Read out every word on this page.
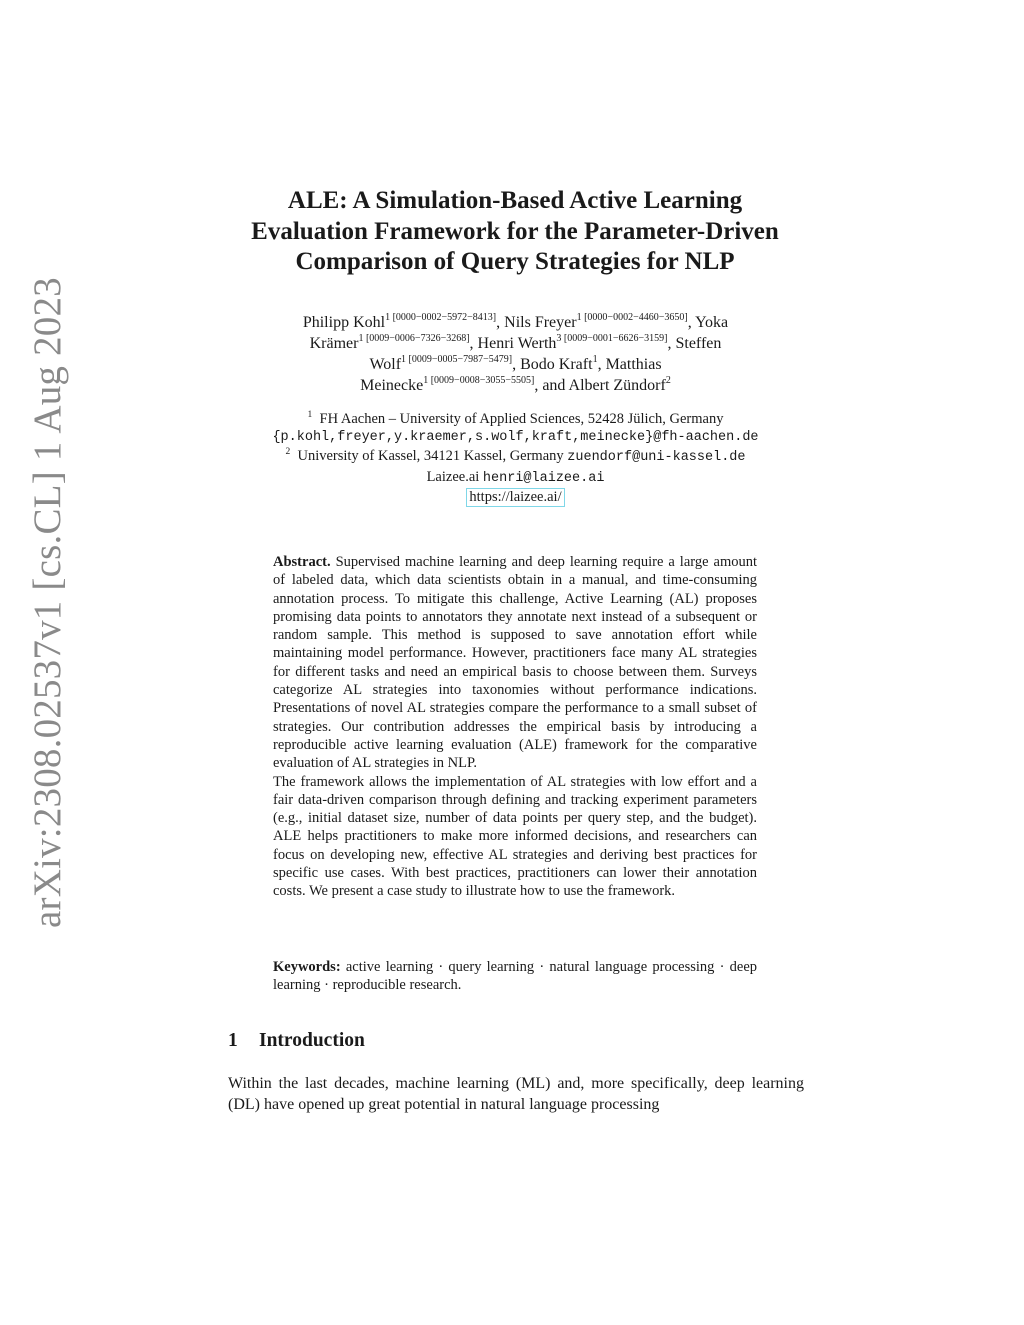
arXiv:2308.02537v1 [cs.CL] 1 Aug 2023
ALE: A Simulation-Based Active Learning
Evaluation Framework for the Parameter-Driven
Comparison of Query Strategies for NLP
Philipp Kohl$^{1 [0000-0002-5972-8413]}$, Nils Freyer$^{1 [0000-0002-4460-3650]}$, Yoka
Krämer$^{1 [0009-0006-7326-3268]}$, Henri Werth$^{3 [0009-0001-6626-3159]}$, Steffen
Wolf$^{1 [0009-0005-7987-5479]}$, Bodo Kraft$^1$, Matthias
Meinecke$^{1 [0009-0008-3055-5505]}$, and Albert Zündorf$^2$
$^1$ FH Aachen – University of Applied Sciences, 52428 Jülich, Germany
{p.kohl,freyer,y.kraemer,s.wolf,kraft,meinecke}@fh-aachen.de
$^2$ University of Kassel, 34121 Kassel, Germany zuendorf@uni-kassel.de
Laizee.ai henri@laizee.ai
https://laizee.ai/

Abstract. Supervised machine learning and deep learning require a large amount of labeled data, which data scientists obtain in a manual, and time-consuming annotation process. To mitigate this challenge, Active Learning (AL) proposes promising data points to annotators they annotate next instead of a subsequent or random sample. This method is supposed to save annotation effort while maintaining model performance. However, practitioners face many AL strategies for different tasks and need an empirical basis to choose between them. Surveys categorize AL strategies into taxonomies without performance indications. Presentations of novel AL strategies compare the performance to a small subset of strategies. Our contribution addresses the empirical basis by introducing a reproducible active learning evaluation (ALE) framework for the comparative evaluation of AL strategies in NLP.

The framework allows the implementation of AL strategies with low effort and a fair data-driven comparison through defining and tracking experiment parameters (e.g., initial dataset size, number of data points per query step, and the budget). ALE helps practitioners to make more informed decisions, and researchers can focus on developing new, effective AL strategies and deriving best practices for specific use cases. With best practices, practitioners can lower their annotation costs. We present a case study to illustrate how to use the framework.

Keywords: active learning · query learning · natural language processing · deep learning · reproducible research.
1 Introduction

Within the last decades, machine learning (ML) and, more specifically, deep learning (DL) have opened up great potential in natural language processing
